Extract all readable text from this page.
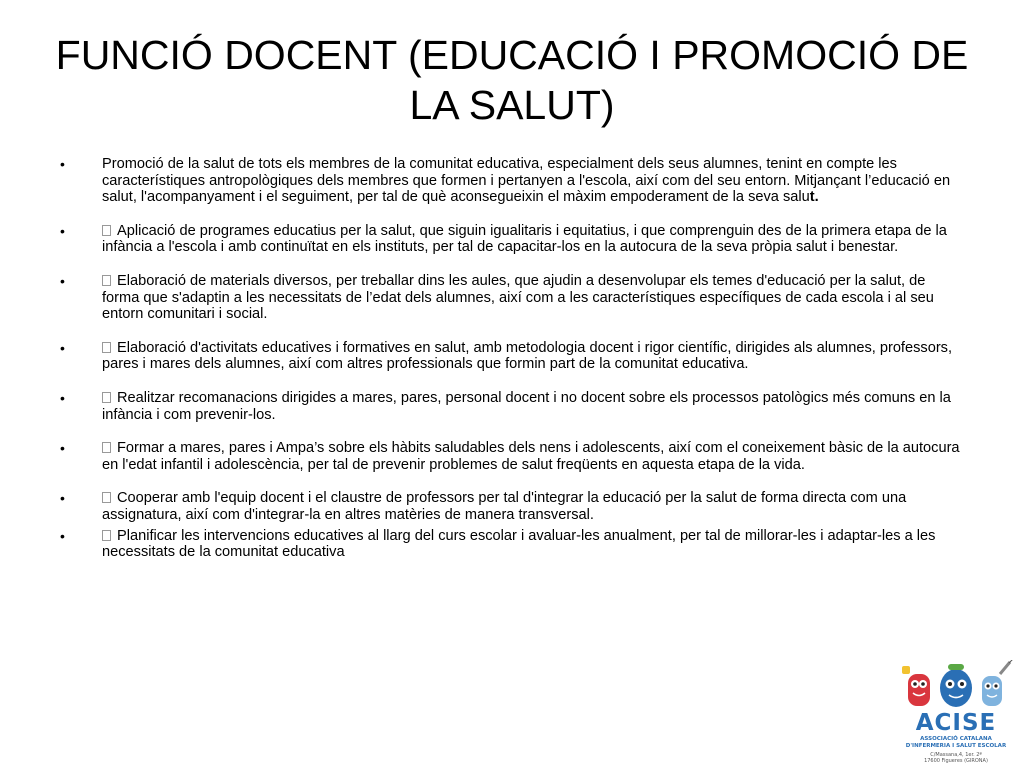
FUNCIÓ DOCENT (EDUCACIÓ I PROMOCIÓ DE LA SALUT)
•	Promoció de la salut de tots els membres de la comunitat educativa, especialment dels seus alumnes, tenint en compte les característiques antropològiques dels membres que formen i pertanyen a l'escola, així com del seu entorn. Mitjançant l’educació en salut, l'acompanyament i el seguiment, per tal de què aconsegueixin el màxim empoderament de la seva salut.
•	Aplicació de programes educatius per la salut, que siguin igualitaris i equitatius, i que comprenguin des de la primera etapa de la infància a l'escola i amb continuïtat en els instituts, per tal de capacitar-los en la autocura de la seva pròpia salut i benestar.
•	Elaboració de materials diversos, per treballar dins les aules, que ajudin a desenvolupar els temes d'educació per la salut, de forma que s'adaptin a les necessitats de l’edat dels alumnes, així com a les característiques específiques de cada escola i al seu entorn comunitari i social.
•	Elaboració d'activitats educatives i formatives en salut, amb metodologia docent i rigor científic, dirigides als alumnes, professors, pares i mares dels alumnes, així com altres professionals que formin part de la comunitat educativa.
•	Realitzar recomanacions dirigides a mares, pares, personal docent i no docent sobre els processos patològics més comuns en la infància i com prevenir-los.
•	Formar a mares, pares i Ampa’s sobre els hàbits saludables dels nens i adolescents, així com el coneixement bàsic de la autocura en l'edat infantil i adolescència, per tal de prevenir problemes de salut freqüents en aquesta etapa de la vida.
•	Cooperar amb l'equip docent i el claustre de professors per tal d'integrar la educació per la salut de forma directa com una assignatura, així com d'integrar-la en altres matèries de manera transversal.
•	Planificar les intervencions educatives al llarg del curs escolar i avaluar-les anualment, per tal de millorar-les i adaptar-les a les necessitats de la comunitat educativa
ACISE
ASSOCIACIÓ CATALANA
D'INFERMERIA I SALUT ESCOLAR
C/Massana,4, 1er. 2ª
17600 Figueres (GIRONA)
